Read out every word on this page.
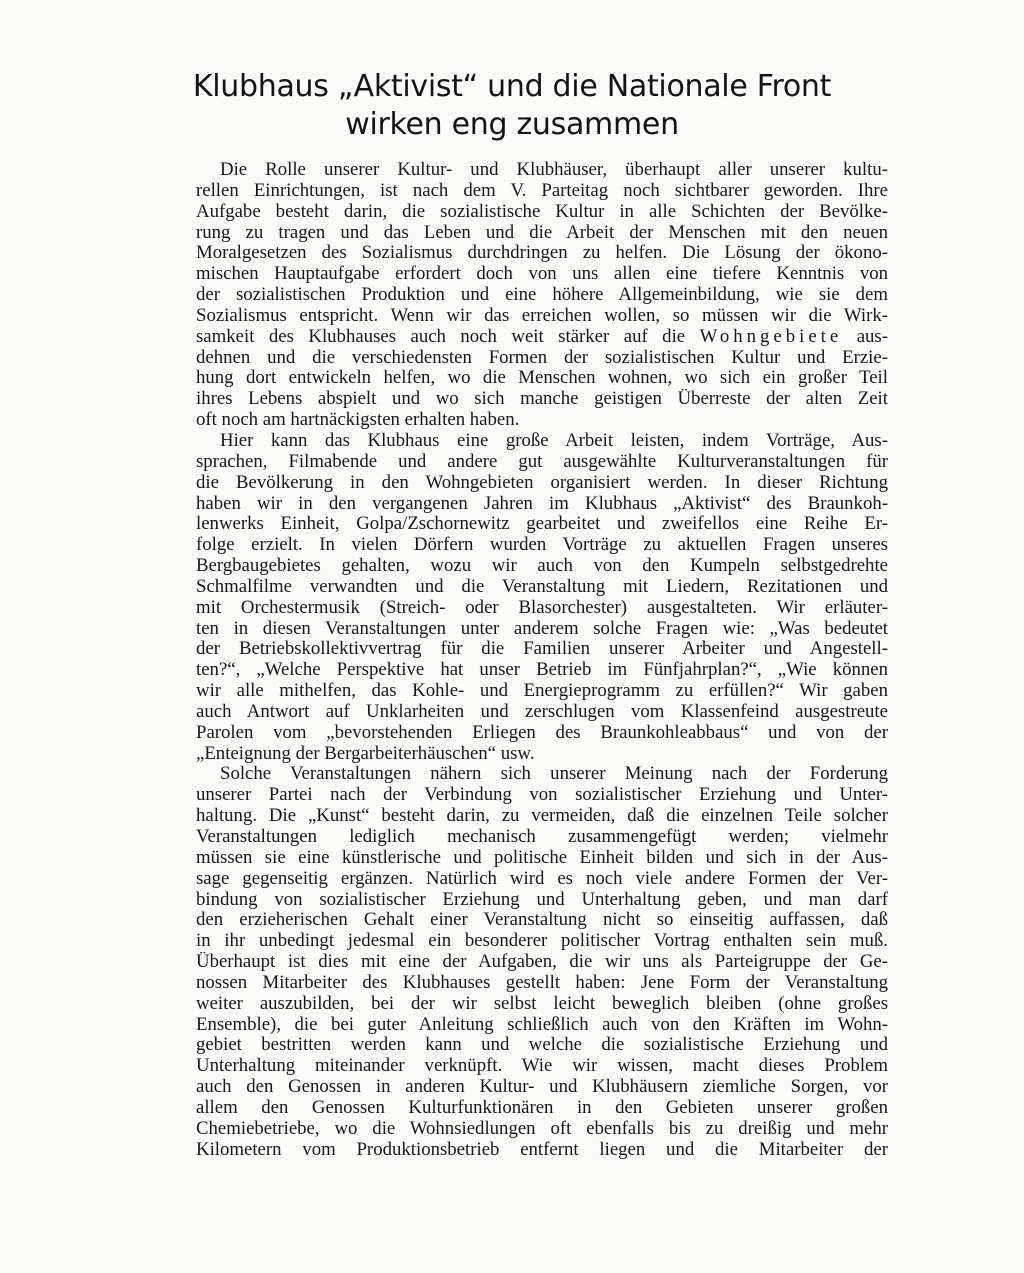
Klubhaus „Aktivist“ und die Nationale Front
wirken eng zusammen
Die Rolle unserer Kultur- und Klubhäuser, überhaupt aller unserer kultu-
rellen Einrichtungen, ist nach dem V. Parteitag noch sichtbarer geworden. Ihre
Aufgabe besteht darin, die sozialistische Kultur in alle Schichten der Bevölke-
rung zu tragen und das Leben und die Arbeit der Menschen mit den neuen
Moralgesetzen des Sozialismus durchdringen zu helfen. Die Lösung der ökono-
mischen Hauptaufgabe erfordert doch von uns allen eine tiefere Kenntnis von
der sozialistischen Produktion und eine höhere Allgemeinbildung, wie sie dem
Sozialismus entspricht. Wenn wir das erreichen wollen, so müssen wir die Wirk-
samkeit des Klubhauses auch noch weit stärker auf die Wohngebiete aus-
dehnen und die verschiedensten Formen der sozialistischen Kultur und Erzie-
hung dort entwickeln helfen, wo die Menschen wohnen, wo sich ein großer Teil
ihres Lebens abspielt und wo sich manche geistigen Überreste der alten Zeit
oft noch am hartnäckigsten erhalten haben.
Hier kann das Klubhaus eine große Arbeit leisten, indem Vorträge, Aus-
sprachen, Filmabende und andere gut ausgewählte Kulturveranstaltungen für
die Bevölkerung in den Wohngebieten organisiert werden. In dieser Richtung
haben wir in den vergangenen Jahren im Klubhaus „Aktivist“ des Braunkoh-
lenwerks Einheit, Golpa/Zschornewitz gearbeitet und zweifellos eine Reihe Er-
folge erzielt. In vielen Dörfern wurden Vorträge zu aktuellen Fragen unseres
Bergbaugebietes gehalten, wozu wir auch von den Kumpeln selbstgedrehte
Schmalfilme verwandten und die Veranstaltung mit Liedern, Rezitationen und
mit Orchestermusik (Streich- oder Blasorchester) ausgestalteten. Wir erläuter-
ten in diesen Veranstaltungen unter anderem solche Fragen wie: „Was bedeutet
der Betriebskollektivvertrag für die Familien unserer Arbeiter und Angestell-
ten?“, „Welche Perspektive hat unser Betrieb im Fünfjahrplan?“, „Wie können
wir alle mithelfen, das Kohle- und Energieprogramm zu erfüllen?“ Wir gaben
auch Antwort auf Unklarheiten und zerschlugen vom Klassenfeind ausgestreute
Parolen vom „bevorstehenden Erliegen des Braunkohleabbaus“ und von der
„Enteignung der Bergarbeiterhäuschen“ usw.
Solche Veranstaltungen nähern sich unserer Meinung nach der Forderung
unserer Partei nach der Verbindung von sozialistischer Erziehung und Unter-
haltung. Die „Kunst“ besteht darin, zu vermeiden, daß die einzelnen Teile solcher
Veranstaltungen lediglich mechanisch zusammengefügt werden; vielmehr
müssen sie eine künstlerische und politische Einheit bilden und sich in der Aus-
sage gegenseitig ergänzen. Natürlich wird es noch viele andere Formen der Ver-
bindung von sozialistischer Erziehung und Unterhaltung geben, und man darf
den erzieherischen Gehalt einer Veranstaltung nicht so einseitig auffassen, daß
in ihr unbedingt jedesmal ein besonderer politischer Vortrag enthalten sein muß.
Überhaupt ist dies mit eine der Aufgaben, die wir uns als Parteigruppe der Ge-
nossen Mitarbeiter des Klubhauses gestellt haben: Jene Form der Veranstaltung
weiter auszubilden, bei der wir selbst leicht beweglich bleiben (ohne großes
Ensemble), die bei guter Anleitung schließlich auch von den Kräften im Wohn-
gebiet bestritten werden kann und welche die sozialistische Erziehung und
Unterhaltung miteinander verknüpft. Wie wir wissen, macht dieses Problem
auch den Genossen in anderen Kultur- und Klubhäusern ziemliche Sorgen, vor
allem den Genossen Kulturfunktionären in den Gebieten unserer großen
Chemiebetriebe, wo die Wohnsiedlungen oft ebenfalls bis zu dreißig und mehr
Kilometern vom Produktionsbetrieb entfernt liegen und die Mitarbeiter der
